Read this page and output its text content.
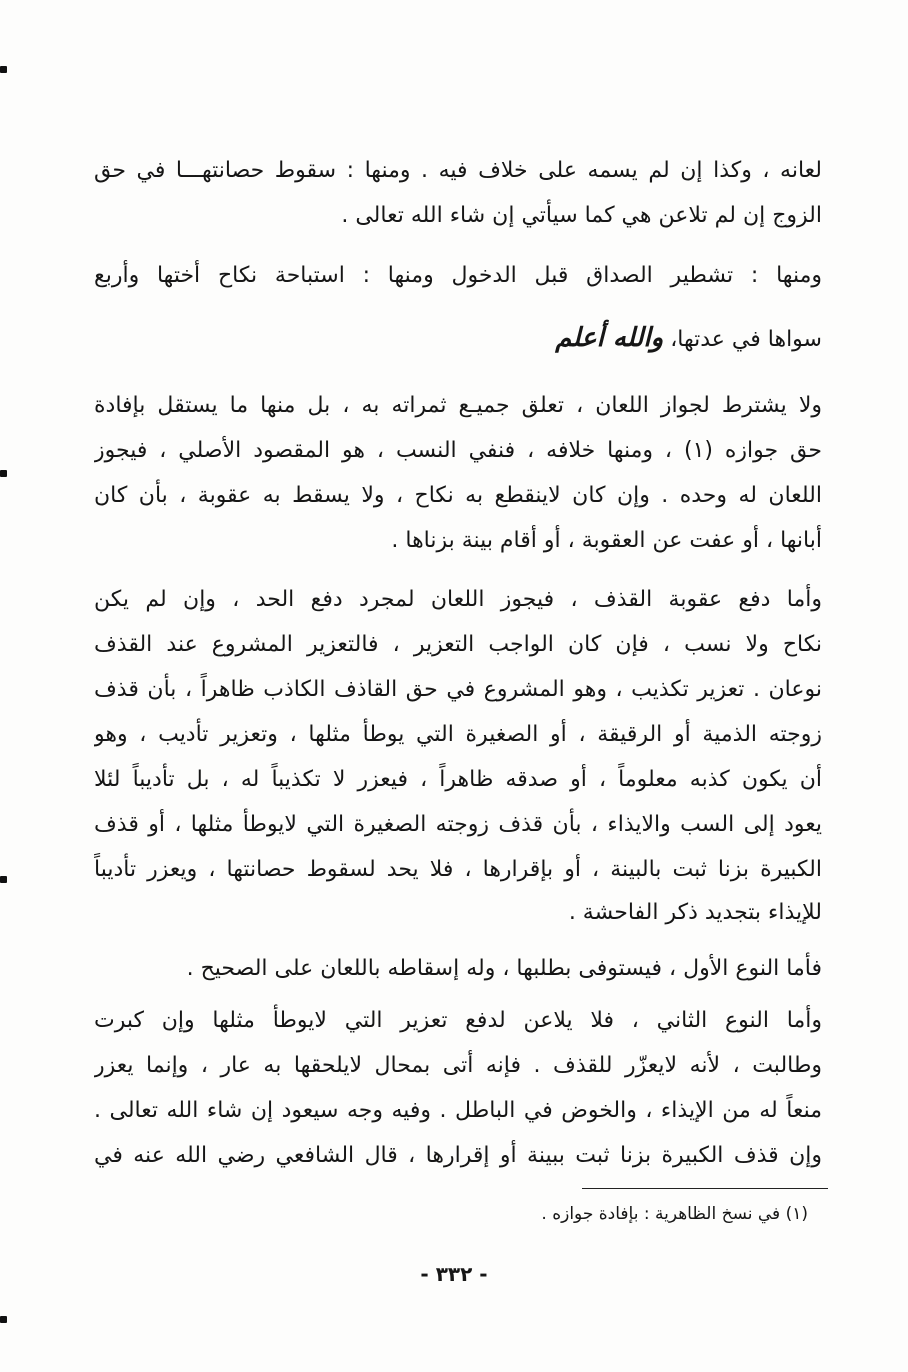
لعانه ، وكذا إن لم يسمه على خلاف فيه . ومنها : سقوط حصانتهـــا في حق
الزوج إن لم تلاعن هي كما سيأتي إن شاء الله تعالى .
ومنها : تشطير الصداق قبل الدخول ومنها : استباحة نكاح أختها وأربع
سواها في عدتها، والله أعلم
ولا يشترط لجواز اللعان ، تعلق جميـع ثمراته به ، بل منها ما يستقل بإفادة
حق جوازه (١) ، ومنها خلافه ، فنفي النسب ، هو المقصود الأصلي ، فيجوز
اللعان له وحده . وإن كان لاينقطع به نكاح ، ولا يسقط به عقوبة ، بأن كان
أبانها ، أو عفت عن العقوبة ، أو أقام بينة بزناها .
وأما دفع عقوبة القذف ، فيجوز اللعان لمجرد دفع الحد ، وإن لم يكن
نكاح ولا نسب ، فإن كان الواجب التعزير ، فالتعزير المشروع عند القذف
نوعان . تعزير تكذيب ، وهو المشروع في حق القاذف الكاذب ظاهراً ، بأن قذف
زوجته الذمية أو الرقيقة ، أو الصغيرة التي يوطأ مثلها ، وتعزير تأديب ، وهو
أن يكون كذبه معلوماً ، أو صدقه ظاهراً ، فيعزر لا تكذيباً له ، بل تأديباً لئلا
يعود إلى السب والايذاء ، بأن قذف زوجته الصغيرة التي لايوطأ مثلها ، أو قذف
الكبيرة بزنا ثبت بالبينة ، أو بإقرارها ، فلا يحد لسقوط حصانتها ، ويعزر تأديباً
للإيذاء بتجديد ذكر الفاحشة .
فأما النوع الأول ، فيستوفى بطلبها ، وله إسقاطه باللعان على الصحيح .
وأما النوع الثاني ، فلا يلاعن لدفع تعزير التي لايوطأ مثلها وإن كبرت
وطالبت ، لأنه لايعزّر للقذف . فإنه أتى بمحال لايلحقها به عار ، وإنما يعزر
منعاً له من الإيذاء ، والخوض في الباطل . وفيه وجه سيعود إن شاء الله تعالى .
وإن قذف الكبيرة بزنا ثبت ببينة أو إقرارها ، قال الشافعي رضي الله عنه في
(١) في نسخ الظاهرية : بإفادة جوازه .
- ٣٣٢ -
